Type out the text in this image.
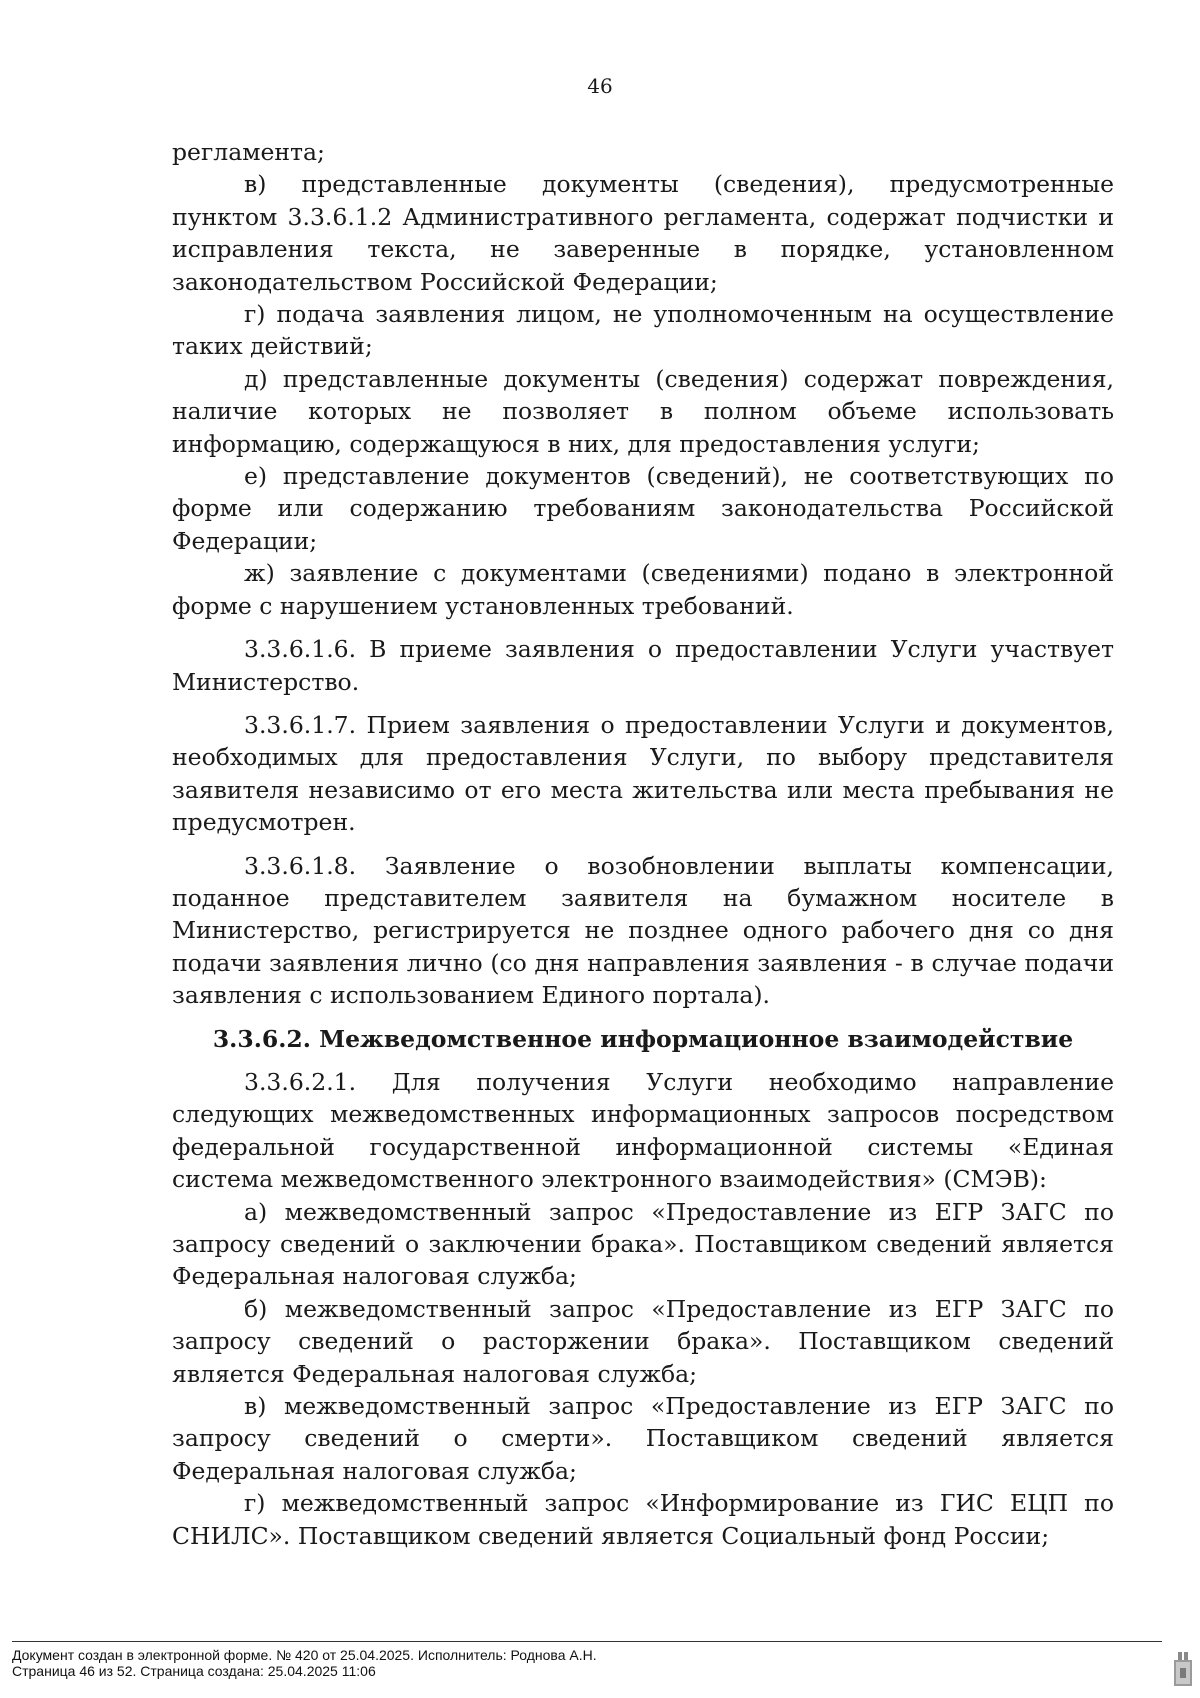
46

регламента;

в) представленные документы (сведения), предусмотренные пунктом 3.3.6.1.2 Административного регламента, содержат подчистки и исправления текста, не заверенные в порядке, установленном законодательством Российской Федерации;

г) подача заявления лицом, не уполномоченным на осуществление таких действий;

д) представленные документы (сведения) содержат повреждения, наличие которых не позволяет в полном объеме использовать информацию, содержащуюся в них, для предоставления услуги;

е) представление документов (сведений), не соответствующих по форме или содержанию требованиям законодательства Российской Федерации;

ж) заявление с документами (сведениями) подано в электронной форме с нарушением установленных требований.

3.3.6.1.6. В приеме заявления о предоставлении Услуги участвует Министерство.

3.3.6.1.7. Прием заявления о предоставлении Услуги и документов, необходимых для предоставления Услуги, по выбору представителя заявителя независимо от его места жительства или места пребывания не предусмотрен.

3.3.6.1.8. Заявление о возобновлении выплаты компенсации, поданное представителем заявителя на бумажном носителе в Министерство, регистрируется не позднее одного рабочего дня со дня подачи заявления лично (со дня направления заявления - в случае подачи заявления с использованием Единого портала).

3.3.6.2. Межведомственное информационное взаимодействие

3.3.6.2.1. Для получения Услуги необходимо направление следующих межведомственных информационных запросов посредством федеральной государственной информационной системы «Единая система межведомственного электронного взаимодействия» (СМЭВ):

а) межведомственный запрос «Предоставление из ЕГР ЗАГС по запросу сведений о заключении брака». Поставщиком сведений является Федеральная налоговая служба;

б) межведомственный запрос «Предоставление из ЕГР ЗАГС по запросу сведений о расторжении брака». Поставщиком сведений является Федеральная налоговая служба;

в) межведомственный запрос «Предоставление из ЕГР ЗАГС по запросу сведений о смерти». Поставщиком сведений является Федеральная налоговая служба;

г) межведомственный запрос «Информирование из ГИС ЕЦП по СНИЛС». Поставщиком сведений является Социальный фонд России;

Документ создан в электронной форме. № 420 от 25.04.2025. Исполнитель: Роднова А.Н.
Страница 46 из 52. Страница создана: 25.04.2025 11:06
